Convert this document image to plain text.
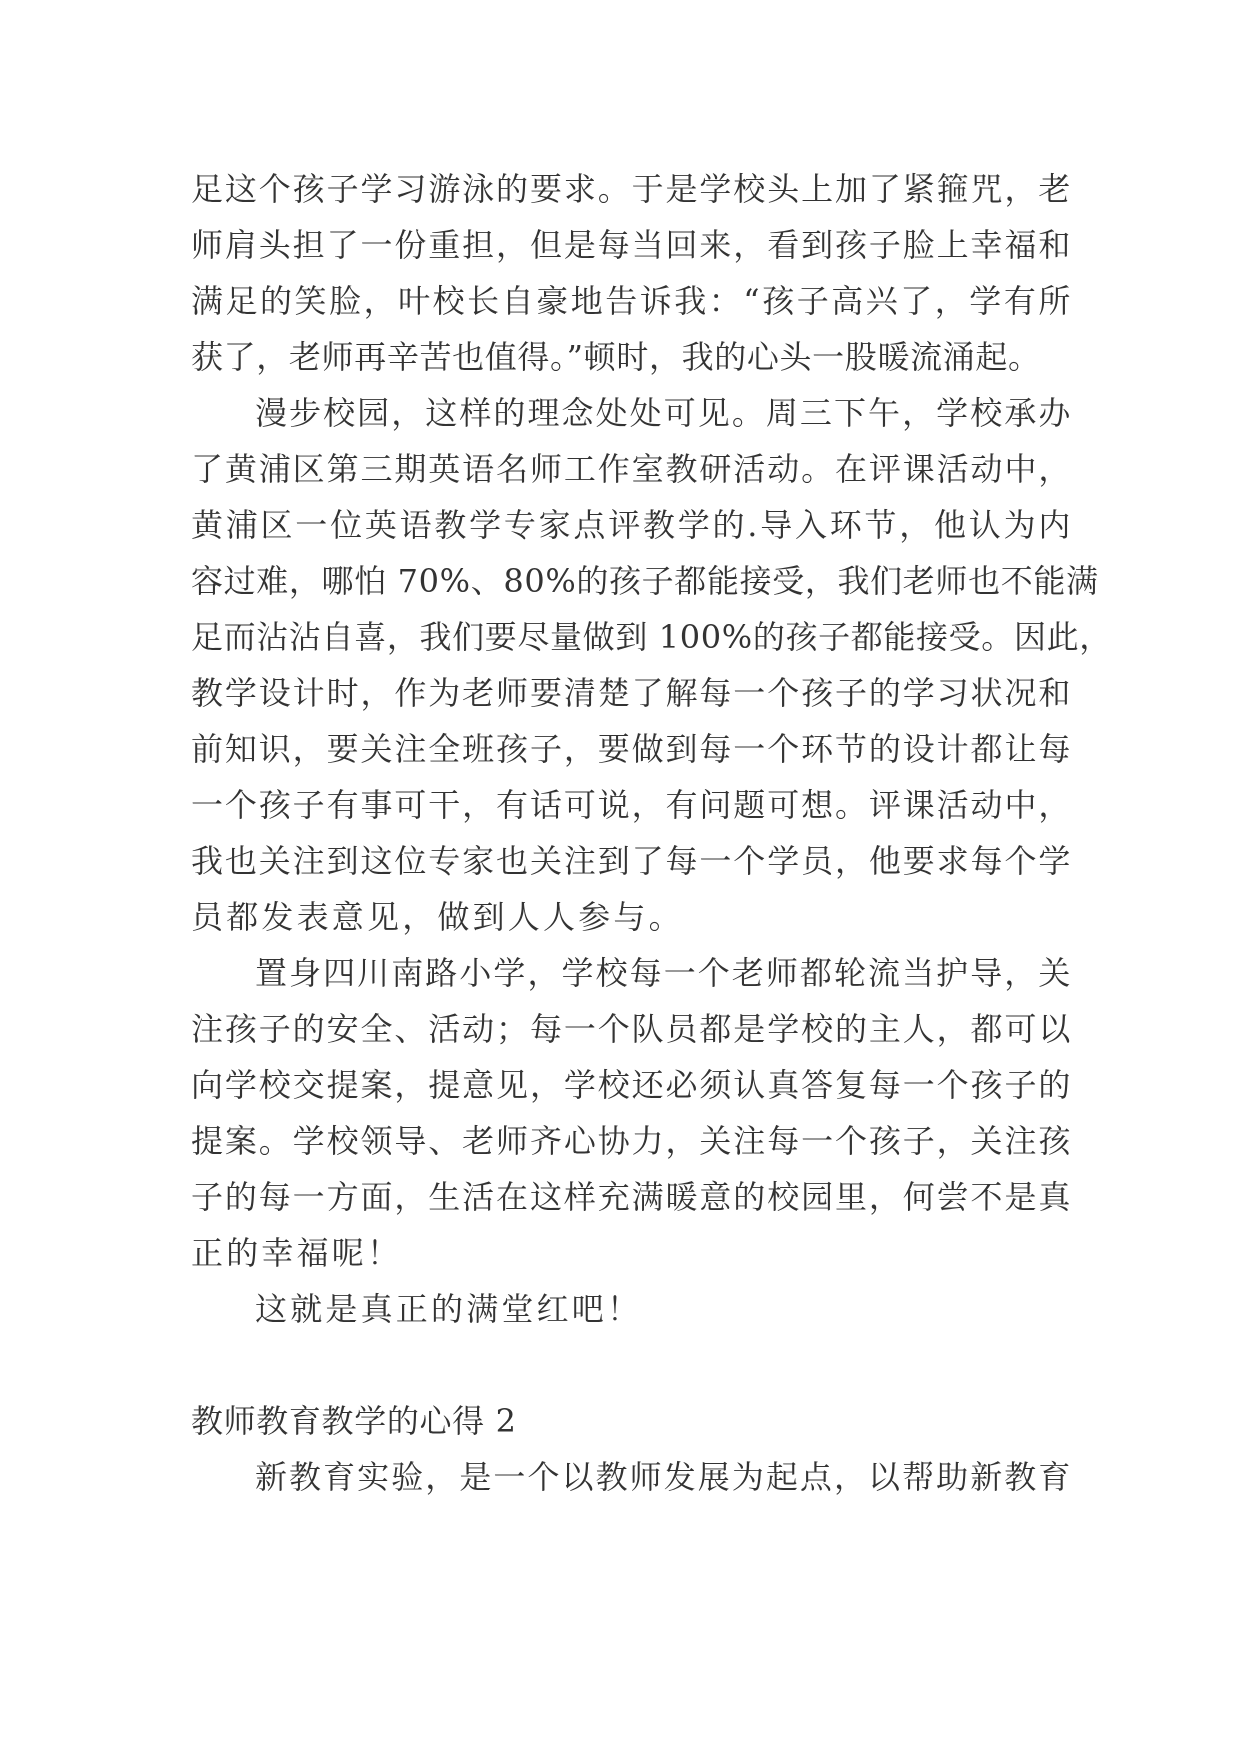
足这个孩子学习游泳的要求。于是学校头上加了紧箍咒，老
师肩头担了一份重担，但是每当回来，看到孩子脸上幸福和
满足的笑脸，叶校长自豪地告诉我：“孩子高兴了，学有所
获了，老师再辛苦也值得。”顿时，我的心头一股暖流涌起。
漫步校园，这样的理念处处可见。周三下午，学校承办
了黄浦区第三期英语名师工作室教研活动。在评课活动中，
黄浦区一位英语教学专家点评教学的.导入环节，他认为内
容过难，哪怕 70%、80%的孩子都能接受，我们老师也不能满
足而沾沾自喜，我们要尽量做到 100%的孩子都能接受。因此，
教学设计时，作为老师要清楚了解每一个孩子的学习状况和
前知识，要关注全班孩子，要做到每一个环节的设计都让每
一个孩子有事可干，有话可说，有问题可想。评课活动中，
我也关注到这位专家也关注到了每一个学员，他要求每个学
员都发表意见，做到人人参与。
置身四川南路小学，学校每一个老师都轮流当护导，关
注孩子的安全、活动；每一个队员都是学校的主人，都可以
向学校交提案，提意见，学校还必须认真答复每一个孩子的
提案。学校领导、老师齐心协力，关注每一个孩子，关注孩
子的每一方面，生活在这样充满暖意的校园里，何尝不是真
正的幸福呢！
这就是真正的满堂红吧！
教师教育教学的心得 2
新教育实验，是一个以教师发展为起点，以帮助新教育
